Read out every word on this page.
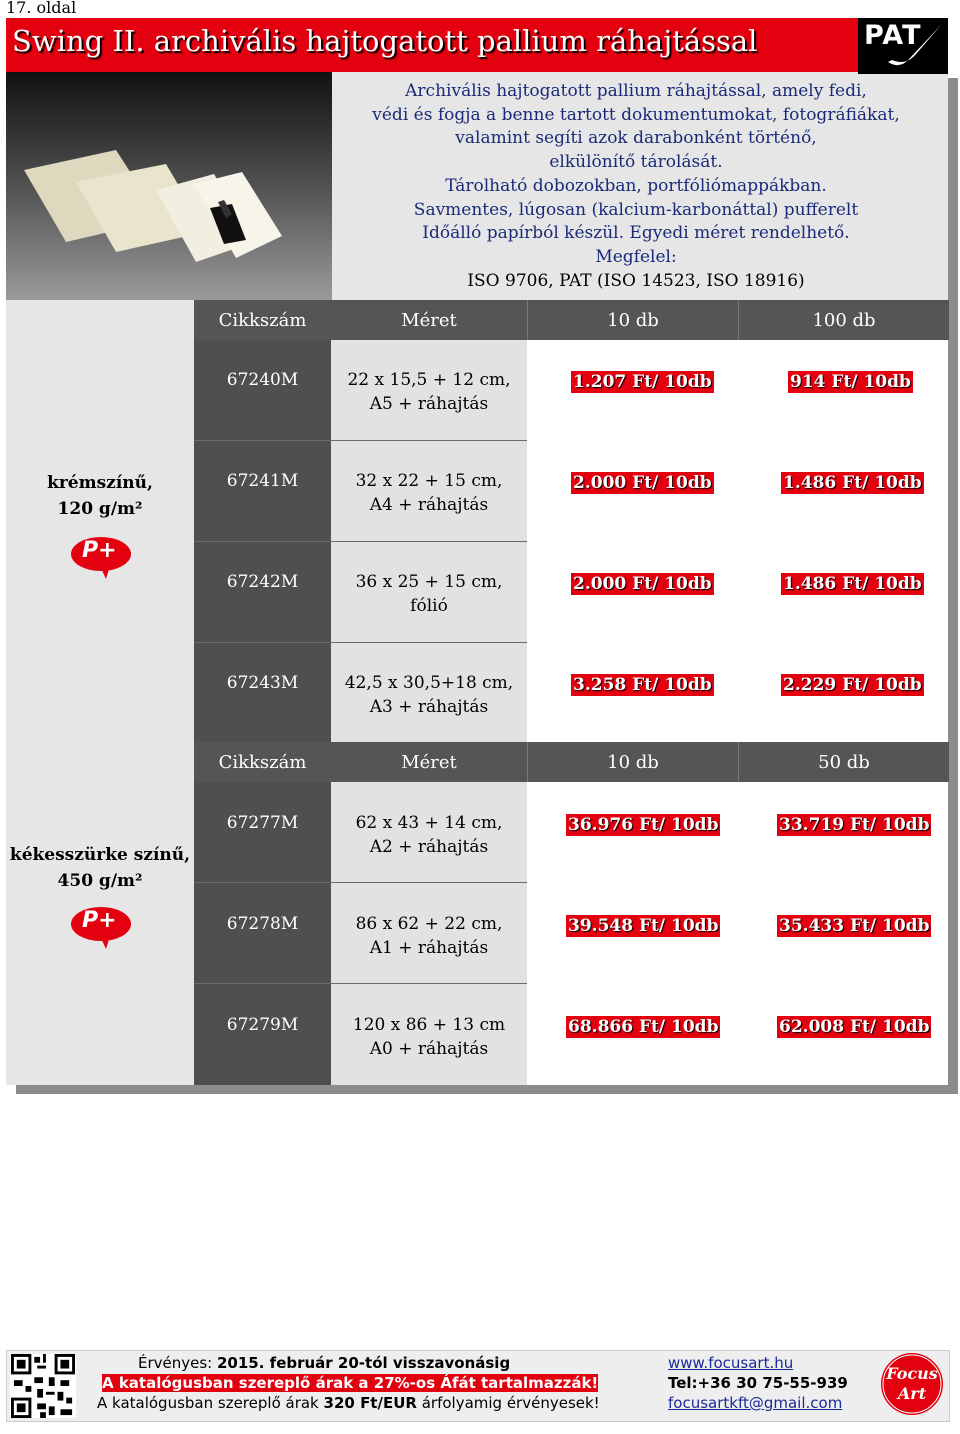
17. oldal
Swing II. archivális hajtogatott pallium ráhajtással	PAT
Archivális hajtogatott pallium ráhajtással, amely fedi,
védi és fogja a benne tartott dokumentumokat, fotográfiákat,
valamint segíti azok darabonként történő,
elkülönítő tárolását.
Tárolható dobozokban, portfóliómappákban.
Savmentes, lúgosan (kalcium-karbonáttal) pufferelt
Időálló papírból készül. Egyedi méret rendelhető.
Megfelel:
ISO 9706, PAT (ISO 14523, ISO 18916)
Cikkszám	Méret	10 db	100 db
67240M	22 x 15,5 + 12 cm,
A5 + ráhajtás
1.207 Ft/ 10db	914 Ft/ 10db
67241M	32 x 22 + 15 cm,
A4 + ráhajtás
2.000 Ft/ 10db	1.486 Ft/ 10db
67242M	36 x 25 + 15 cm,
fólió
2.000 Ft/ 10db	1.486 Ft/ 10db
67243M	42,5 x 30,5+18 cm,
A3 + ráhajtás
3.258 Ft/ 10db	2.229 Ft/ 10db
krémszínű,
120 g/m²
P+
Cikkszám	Méret	10 db	50 db
67277M	62 x 43 + 14 cm,
A2 + ráhajtás
36.976 Ft/ 10db	33.719 Ft/ 10db
67278M	86 x 62 + 22 cm,
A1 + ráhajtás
39.548 Ft/ 10db	35.433 Ft/ 10db
67279M	120 x 86 + 13 cm
A0 + ráhajtás
68.866 Ft/ 10db	62.008 Ft/ 10db
kékesszürke színű,
450 g/m²
P+
Érvényes: 2015. február 20-tól visszavonásig
A katalógusban szereplő árak a 27%-os Áfát tartalmazzák!
A katalógusban szereplő árak 320 Ft/EUR árfolyamig érvényesek!
www.focusart.hu
Tel:+36 30 75-55-939
focusartkft@gmail.com
Focus
Art
